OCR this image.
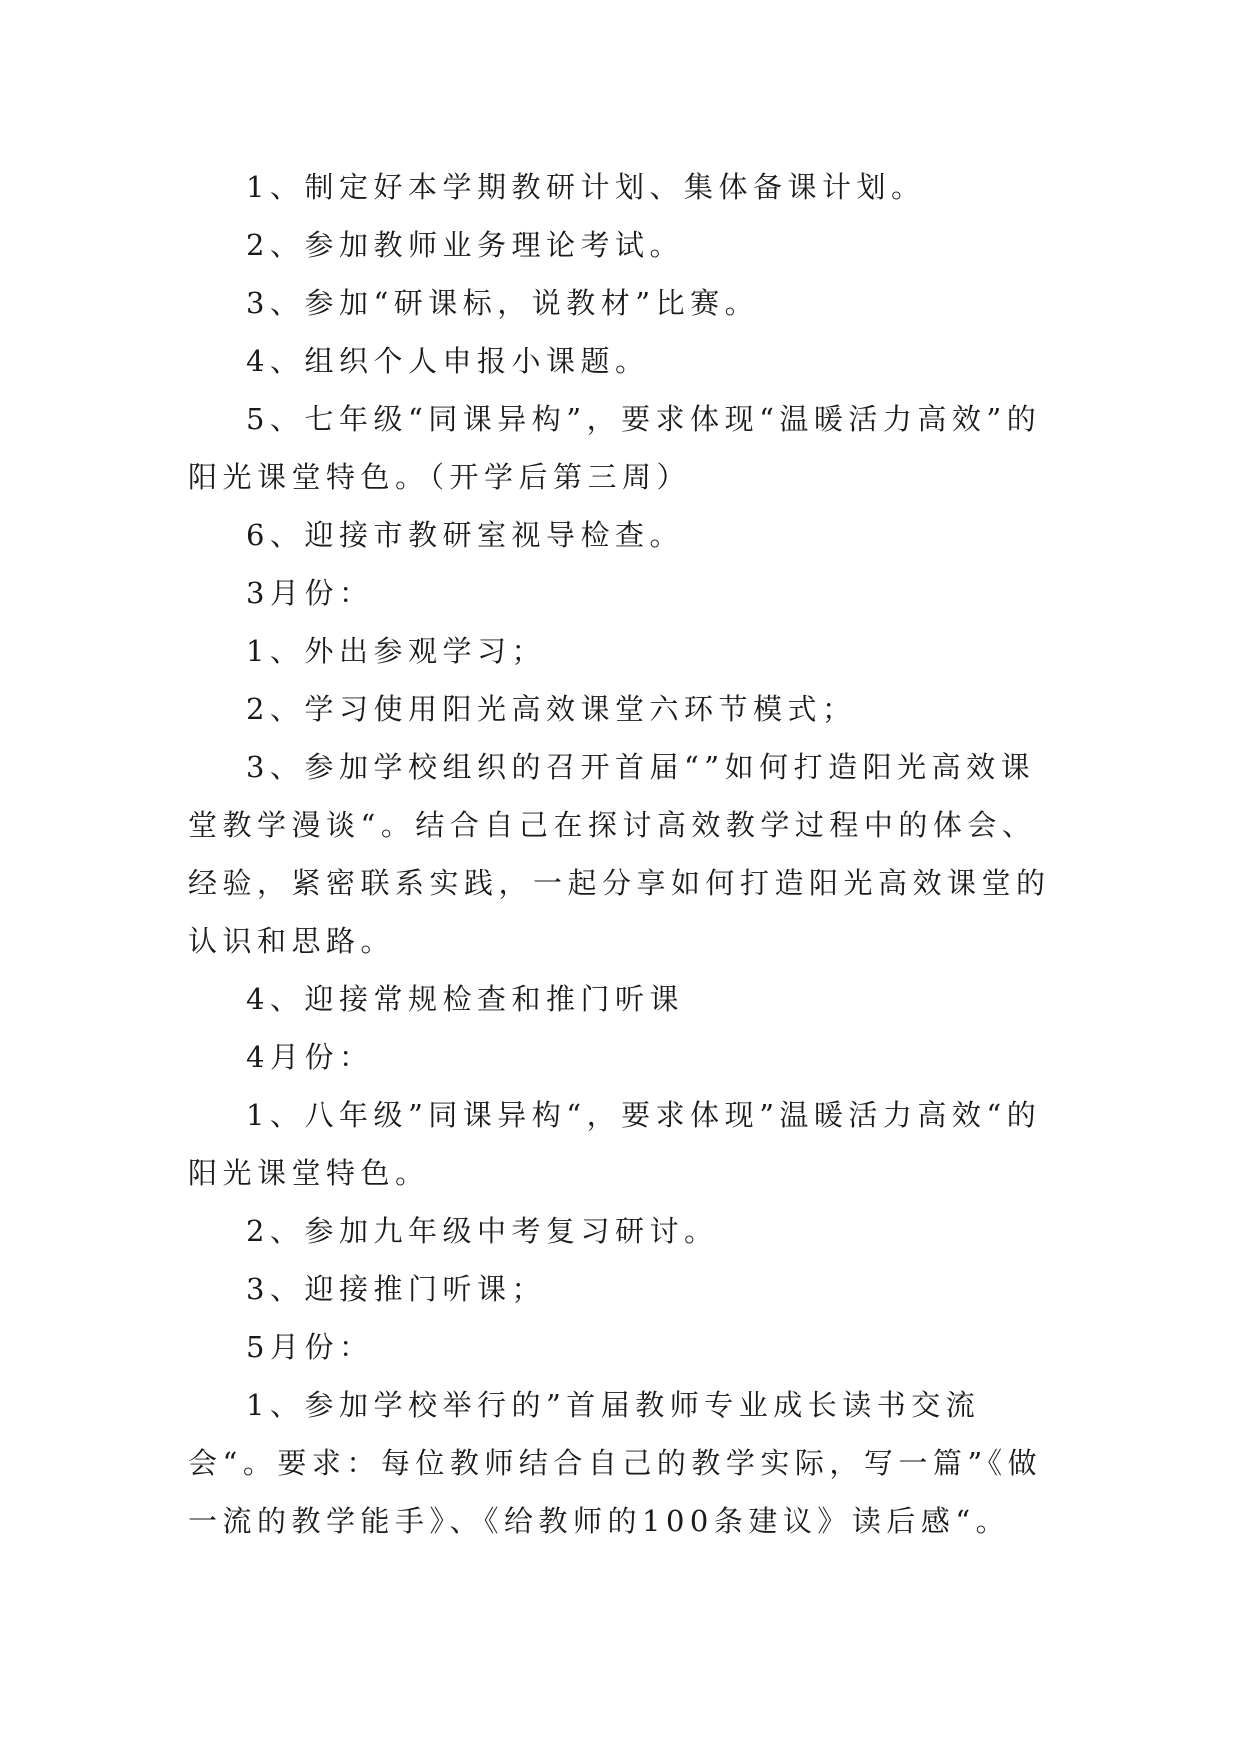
1、制定好本学期教研计划、集体备课计划。

2、参加教师业务理论考试。

3、参加“研课标，说教材”比赛。

4、组织个人申报小课题。

5、七年级“同课异构”，要求体现“温暖活力高效”的阳光课堂特色。（开学后第三周）

6、迎接市教研室视导检查。

3月份：

1、外出参观学习；

2、学习使用阳光高效课堂六环节模式；

3、参加学校组织的召开首届“”如何打造阳光高效课堂教学漫谈“。结合自己在探讨高效教学过程中的体会、经验，紧密联系实践，一起分享如何打造阳光高效课堂的认识和思路。

4、迎接常规检查和推门听课

4月份：

1、八年级”同课异构“，要求体现”温暖活力高效“的阳光课堂特色。

2、参加九年级中考复习研讨。

3、迎接推门听课；

5月份：

1、参加学校举行的”首届教师专业成长读书交流会“。要求：每位教师结合自己的教学实际，写一篇”《做一流的教学能手》、《给教师的100条建议》读后感“。
